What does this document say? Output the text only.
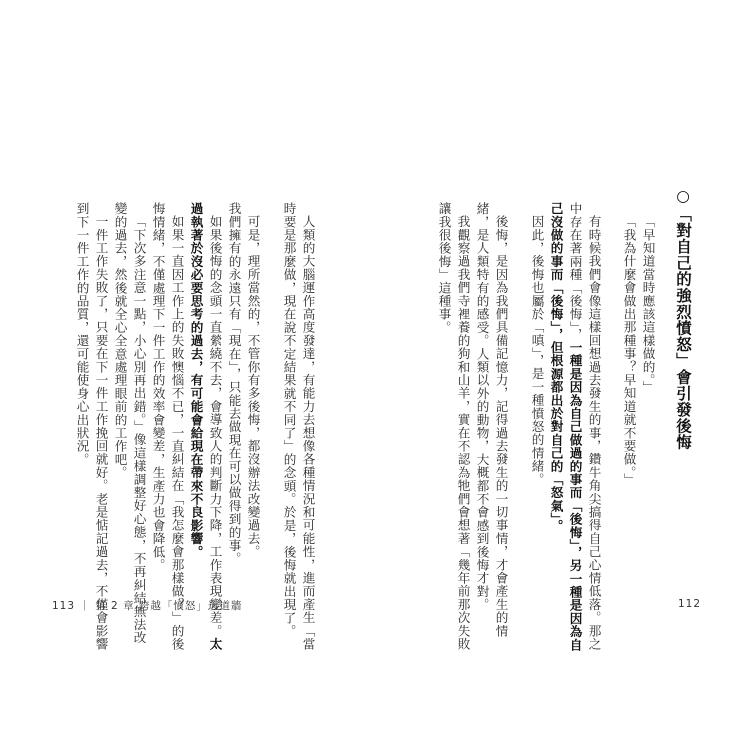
○「對自己的強烈憤怒」會引發後悔
「早知道當時應該這樣做的。」
「我為什麼會做出那種事？早知道就不要做。」
有時候我們會像這樣回想過去發生的事，鑽牛角尖搞得自己心情低落。那之
中存在著兩種「後悔」，一種是因為自己做過的事而「後悔」，另一種是因為自
己沒做的事而「後悔」，但根源都出於對自己的「怒氣」。
因此，後悔也屬於「嗔」，是一種憤怒的情緒。
後悔，是因為我們具備記憶力，記得過去發生的一切事情，才會產生的情
緒，是人類特有的感受。人類以外的動物，大概都不會感到後悔才對。
我觀察過我們寺裡養的狗和山羊，實在不認為牠們會想著「幾年前那次失敗
讓我很後悔」這種事。
112
人類的大腦運作高度發達，有能力去想像各種情況和可能性，進而產生「當
時要是那麼做，現在說不定結果就不同了」的念頭。於是，後悔就出現了。
可是，理所當然的，不管你有多後悔，都沒辦法改變過去。
我們擁有的永遠只有「現在」，只能去做現在可以做得到的事。
如果後悔的念頭一直縈繞不去，會導致人的判斷力下降，工作表現變差。太
過執著於沒必要思考的過去，有可能會給現在帶來不良影響。
如果一直因工作上的失敗懊惱不已，一直糾結在「我怎麼會那樣做？」的後
悔情緒，不僅處理下一件工作的效率會變差，生產力也會降低。
「下次多注意一點，小心別再出錯。」像這樣調整好心態，不再糾結無法改
變的過去，然後就全心全意處理眼前的工作吧。
一件工作失敗了，只要在下一件工作挽回就好。老是惦記過去，不僅會影響
到下一件工作的品質，還可能使身心出狀況。
113 ｜ 第 2 章 跨越「憤怒」這道牆
